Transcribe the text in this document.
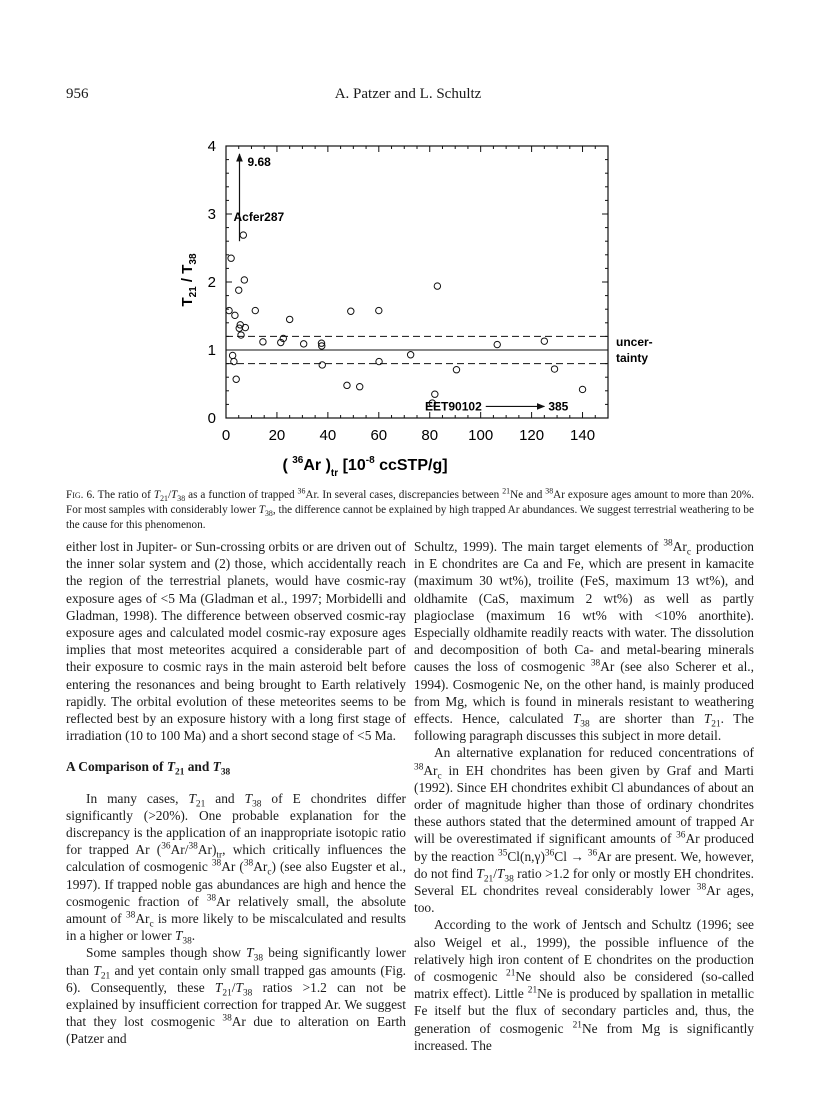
956	A. Patzer and L. Schultz
uncer-
tainty
0	20 40 60 80 100 120 140
0
1
2
3
4
9.68
Acfer287
EET90102	385
$T_{21} / T_{38}$
( $^{36}$Ar )$_{tr}$ [$10^{-8}$ ccSTP/g]
Fig. 6. The ratio of $T_{21}/T_{38}$ as a function of trapped $^{36}$Ar. In several cases, discrepancies between $^{21}$Ne and $^{38}$Ar exposure ages amount to more than 20%. For most samples with considerably lower $T_{38}$, the difference cannot be explained by high trapped Ar abundances. We suggest terrestrial weathering to be the cause for this phenomenon.

either lost in Jupiter- or Sun-crossing orbits or are driven out of the inner solar system and (2) those, which accidentally reach the region of the terrestrial planets, would have cosmic-ray exposure ages of <5 Ma (Gladman et al., 1997; Morbidelli and Gladman, 1998). The difference between observed cosmic-ray exposure ages and calculated model cosmic-ray exposure ages implies that most meteorites acquired a considerable part of their exposure to cosmic rays in the main asteroid belt before entering the resonances and being brought to Earth relatively rapidly. The orbital evolution of these meteorites seems to be reflected best by an exposure history with a long first stage of irradiation (10 to 100 Ma) and a short second stage of <5 Ma.

A Comparison of $T_{21}$ and $T_{38}$

In many cases, $T_{21}$ and $T_{38}$ of E chondrites differ significantly (>20%). One probable explanation for the discrepancy is the application of an inappropriate isotopic ratio for trapped Ar $(^{36}Ar/^{38}Ar)_{tr}$, which critically influences the calculation of cosmogenic $^{38}$Ar $(^{38}Ar_c)$ (see also Eugster et al., 1997). If trapped noble gas abundances are high and hence the cosmogenic fraction of $^{38}$Ar relatively small, the absolute amount of $^{38}Ar_c$ is more likely to be miscalculated and results in a higher or lower $T_{38}$.

Some samples though show $T_{38}$ being significantly lower than $T_{21}$ and yet contain only small trapped gas amounts (Fig. 6). Consequently, these $T_{21}/T_{38}$ ratios >1.2 can not be explained by insufficient correction for trapped Ar. We suggest that they lost cosmogenic $^{38}$Ar due to alteration on Earth (Patzer and

Schultz, 1999). The main target elements of $^{38}Ar_c$ production in E chondrites are Ca and Fe, which are present in kamacite (maximum 30 wt%), troilite (FeS, maximum 13 wt%), and oldhamite (CaS, maximum 2 wt%) as well as partly plagioclase (maximum 16 wt% with <10% anorthite). Especially oldhamite readily reacts with water. The dissolution and decomposition of both Ca- and metal-bearing minerals causes the loss of cosmogenic $^{38}$Ar (see also Scherer et al., 1994). Cosmogenic Ne, on the other hand, is mainly produced from Mg, which is found in minerals resistant to weathering effects. Hence, calculated $T_{38}$ are shorter than $T_{21}$. The following paragraph discusses this subject in more detail.

An alternative explanation for reduced concentrations of $^{38}Ar_c$ in EH chondrites has been given by Graf and Marti (1992). Since EH chondrites exhibit Cl abundances of about an order of magnitude higher than those of ordinary chondrites these authors stated that the determined amount of trapped Ar will be overestimated if significant amounts of $^{36}$Ar produced by the reaction $^{35}Cl(n,\gamma)^{36}Cl \to ^{36}Ar$ are present. We, however, do not find $T_{21}/T_{38}$ ratio >1.2 for only or mostly EH chondrites. Several EL chondrites reveal considerably lower $^{38}$Ar ages, too.

According to the work of Jentsch and Schultz (1996; see also Weigel et al., 1999), the possible influence of the relatively high iron content of E chondrites on the production of cosmogenic $^{21}$Ne should also be considered (so-called matrix effect). Little $^{21}$Ne is produced by spallation in metallic Fe itself but the flux of secondary particles and, thus, the generation of cosmogenic $^{21}$Ne from Mg is significantly increased. The
